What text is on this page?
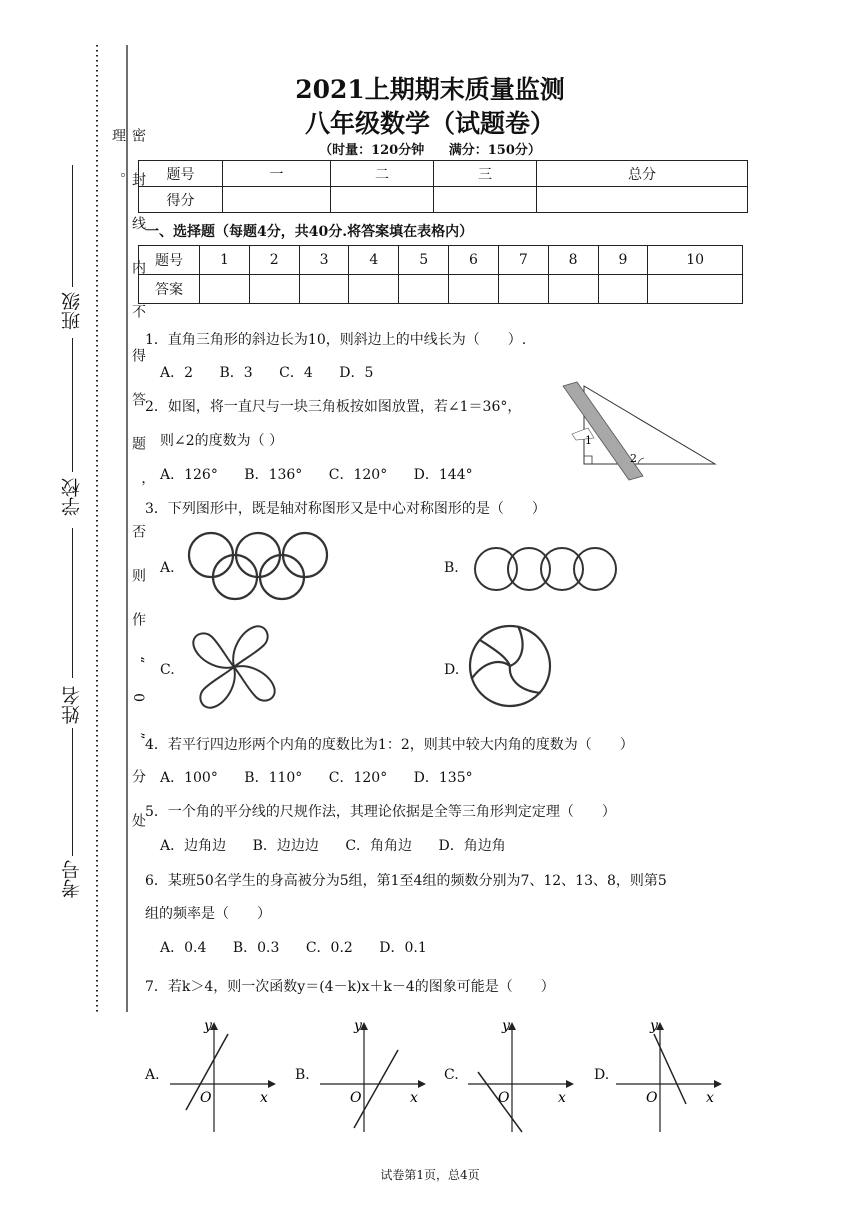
密封线内不得答题，否则作“0”分处理。
考号
姓名
学校
班级
2021上期期末质量监测
八年级数学（试题卷）
（时量：120分钟 满分：150分）
题号	一	二	三	总分
得分				
一、选择题（每题4分，共40分.将答案填在表格内）
题号	1	2	3	4	5	6	7	8	9	10
答案										
1．直角三角形的斜边长为10，则斜边上的中线长为（　　）.
A．2 B．3 C．4 D．5
2．如图，将一直尺与一块三角板按如图放置，若∠1＝36°，
则∠2的度数为（ ）
A．126° B．136° C．120° D．144°
1
2
3．下列图形中，既是轴对称图形又是中心对称图形的是（　　）
A.	B.
C.	D.
4．若平行四边形两个内角的度数比为1：2，则其中较大内角的度数为（　　）
A．100° B．110° C．120° D．135°
5．一个角的平分线的尺规作法，其理论依据是全等三角形判定定理（　　）
A．边角边 B．边边边 C．角角边 D．角边角
6．某班50名学生的身高被分为5组，第1至4组的频数分别为7、12、13、8，则第5
组的频率是（　　）
A．0.4 B．0.3 C．0.2 D．0.1
7．若k＞4，则一次函数y＝(4－k)x＋k－4的图象可能是（　　）
A.
y
x
O
B.
y
x
O
C.
y
x
O
D.
y
x
O
试卷第1页，总4页
